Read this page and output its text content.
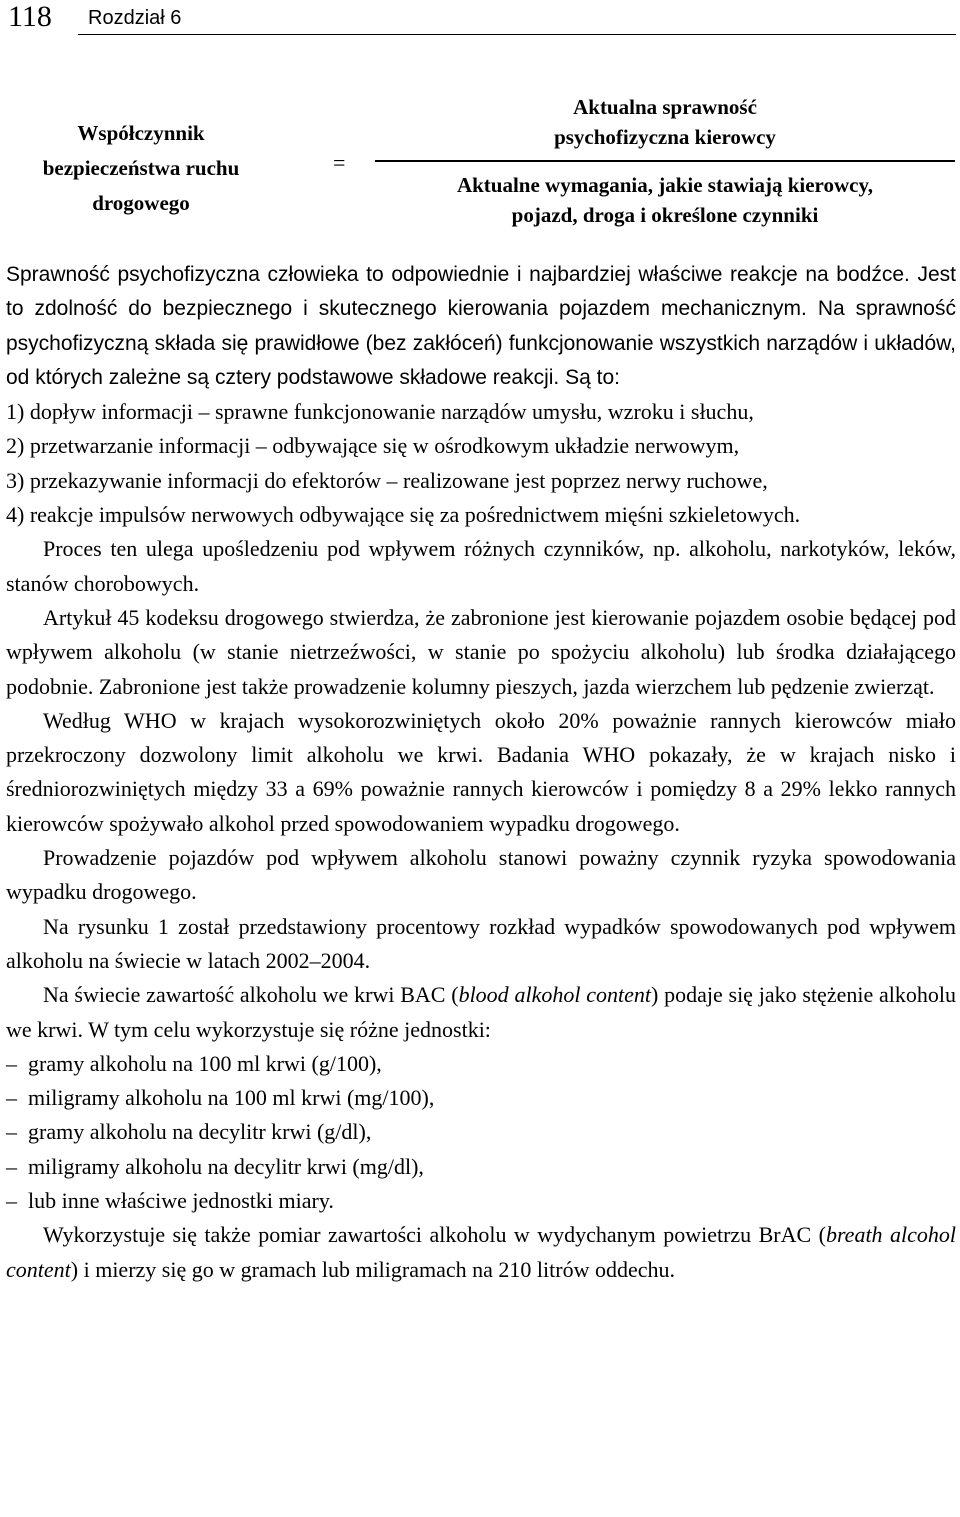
118 Rozdział 6
Współczynnik
bezpieczeństwa ruchu
drogowego
=
Aktualna sprawność
psychofizyczna kierowcy
Aktualne wymagania, jakie stawiają kierowcy,
pojazd, droga i określone czynniki

Sprawność psychofizyczna człowieka to odpowiednie i najbardziej właściwe reakcje na bodźce. Jest to zdolność do bezpiecznego i skutecznego kierowania pojazdem mechanicznym. Na sprawność psychofizyczną składa się prawidłowe (bez zakłóceń) funkcjonowanie wszystkich narządów i układów, od których zależne są cztery podstawowe składowe reakcji. Są to:

1) dopływ informacji – sprawne funkcjonowanie narządów umysłu, wzroku i słuchu,

2) przetwarzanie informacji – odbywające się w ośrodkowym układzie nerwowym,

3) przekazywanie informacji do efektorów – realizowane jest poprzez nerwy ruchowe,

4) reakcje impulsów nerwowych odbywające się za pośrednictwem mięśni szkieletowych.

Proces ten ulega upośledzeniu pod wpływem różnych czynników, np. alkoholu, narkotyków, leków, stanów chorobowych.

Artykuł 45 kodeksu drogowego stwierdza, że zabronione jest kierowanie pojazdem osobie będącej pod wpływem alkoholu (w stanie nietrzeźwości, w stanie po spożyciu alkoholu) lub środka działającego podobnie. Zabronione jest także prowadzenie kolumny pieszych, jazda wierzchem lub pędzenie zwierząt.

Według WHO w krajach wysokorozwiniętych około 20% poważnie rannych kierowców miało przekroczony dozwolony limit alkoholu we krwi. Badania WHO pokazały, że w krajach nisko i średniorozwiniętych między 33 a 69% poważnie rannych kierowców i pomiędzy 8 a 29% lekko rannych kierowców spożywało alkohol przed spowodowaniem wypadku drogowego.

Prowadzenie pojazdów pod wpływem alkoholu stanowi poważny czynnik ryzyka spowodowania wypadku drogowego.

Na rysunku 1 został przedstawiony procentowy rozkład wypadków spowodowanych pod wpływem alkoholu na świecie w latach 2002–2004.

Na świecie zawartość alkoholu we krwi BAC (blood alkohol content) podaje się jako stężenie alkoholu we krwi. W tym celu wykorzystuje się różne jednostki:

–  gramy alkoholu na 100 ml krwi (g/100),

–  miligramy alkoholu na 100 ml krwi (mg/100),

–  gramy alkoholu na decylitr krwi (g/dl),

–  miligramy alkoholu na decylitr krwi (mg/dl),

–  lub inne właściwe jednostki miary.

Wykorzystuje się także pomiar zawartości alkoholu w wydychanym powietrzu BrAC (breath alcohol content) i mierzy się go w gramach lub miligramach na 210 litrów oddechu.
